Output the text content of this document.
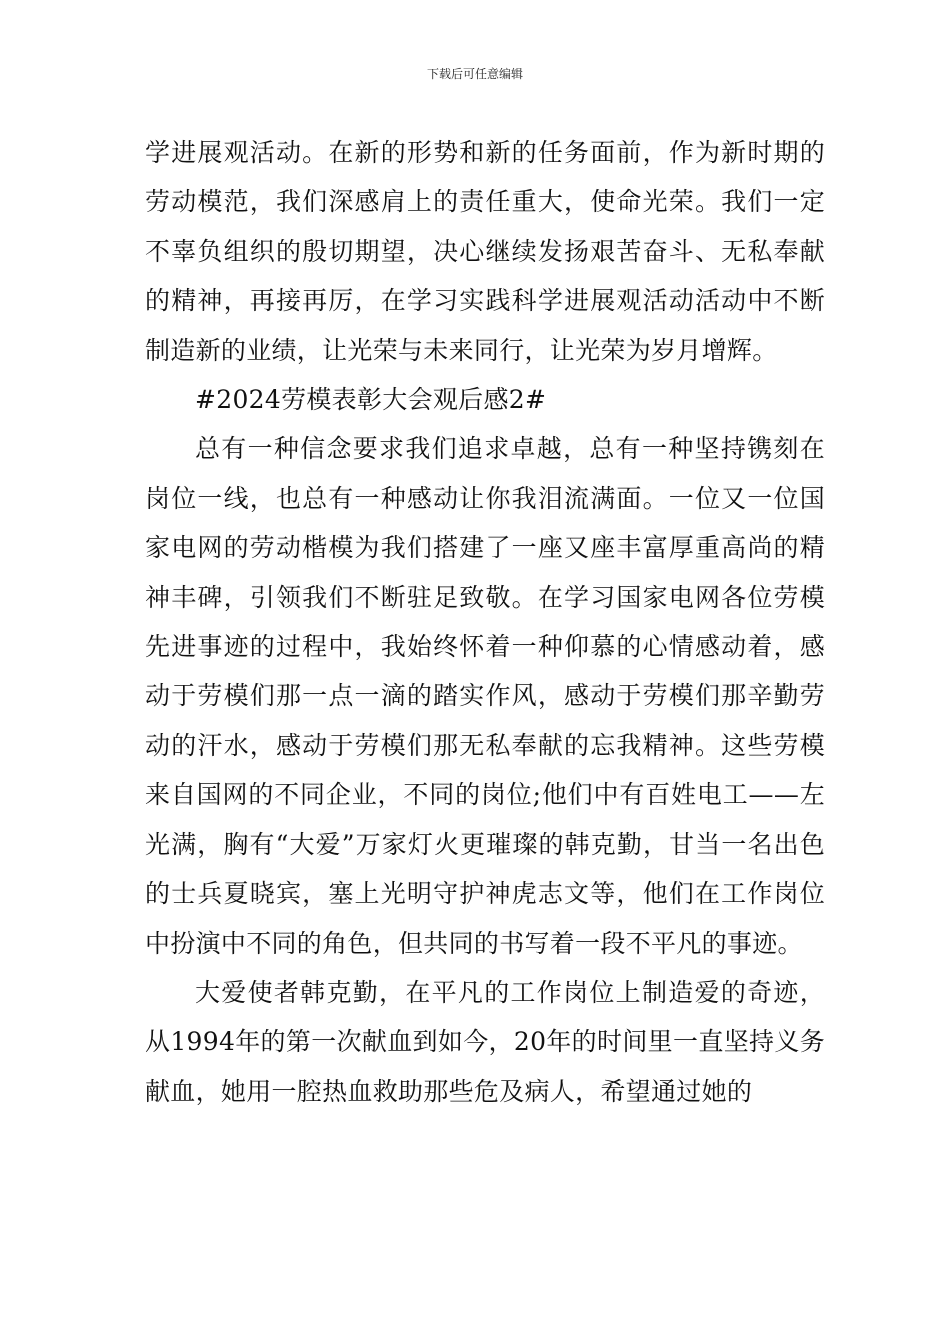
下载后可任意编辑

学进展观活动。在新的形势和新的任务面前，作为新时期的劳动模范，我们深感肩上的责任重大，使命光荣。我们一定不辜负组织的殷切期望，决心继续发扬艰苦奋斗、无私奉献的精神，再接再厉，在学习实践科学进展观活动活动中不断制造新的业绩，让光荣与未来同行，让光荣为岁月增辉。

#2024劳模表彰大会观后感2#

总有一种信念要求我们追求卓越，总有一种坚持镌刻在岗位一线，也总有一种感动让你我泪流满面。一位又一位国家电网的劳动楷模为我们搭建了一座又座丰富厚重高尚的精神丰碑，引领我们不断驻足致敬。在学习国家电网各位劳模先进事迹的过程中，我始终怀着一种仰慕的心情感动着，感动于劳模们那一点一滴的踏实作风，感动于劳模们那辛勤劳动的汗水，感动于劳模们那无私奉献的忘我精神。这些劳模来自国网的不同企业，不同的岗位;他们中有百姓电工——左光满，胸有“大爱”万家灯火更璀璨的韩克勤，甘当一名出色的士兵夏晓宾，塞上光明守护神虎志文等，他们在工作岗位中扮演中不同的角色，但共同的书写着一段不平凡的事迹。

大爱使者韩克勤，在平凡的工作岗位上制造爱的奇迹，从1994年的第一次献血到如今，20年的时间里一直坚持义务献血，她用一腔热血救助那些危及病人，希望通过她的
